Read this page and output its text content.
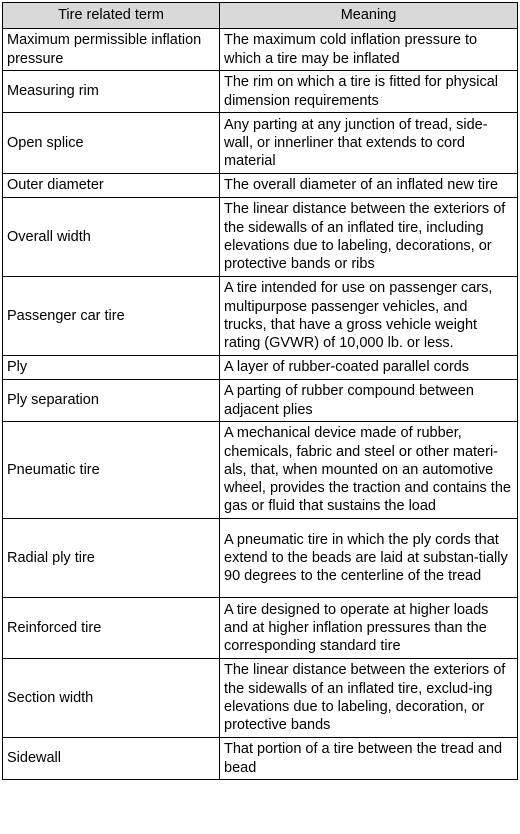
Tire related term	Meaning
Maximum permissible inflation pressure	The maximum cold inflation pressure to which a tire may be inflated
Measuring rim	The rim on which a tire is fitted for physical dimension requirements
Open splice	Any parting at any junction of tread, side-wall, or innerliner that extends to cord material
Outer diameter	The overall diameter of an inflated new tire
Overall width	The linear distance between the exteriors of the sidewalls of an inflated tire, including elevations due to labeling, decorations, or protective bands or ribs
Passenger car tire	A tire intended for use on passenger cars, multipurpose passenger vehicles, and trucks, that have a gross vehicle weight rating (GVWR) of 10,000 lb. or less.
Ply	A layer of rubber-coated parallel cords
Ply separation	A parting of rubber compound between adjacent plies
Pneumatic tire	A mechanical device made of rubber, chemicals, fabric and steel or other materi-als, that, when mounted on an automotive wheel, provides the traction and contains the gas or fluid that sustains the load
Radial ply tire	A pneumatic tire in which the ply cords that extend to the beads are laid at substan-tially 90 degrees to the centerline of the tread
Reinforced tire	A tire designed to operate at higher loads and at higher inflation pressures than the corresponding standard tire
Section width	The linear distance between the exteriors of the sidewalls of an inflated tire, exclud-ing elevations due to labeling, decoration, or protective bands
Sidewall	That portion of a tire between the tread and bead
